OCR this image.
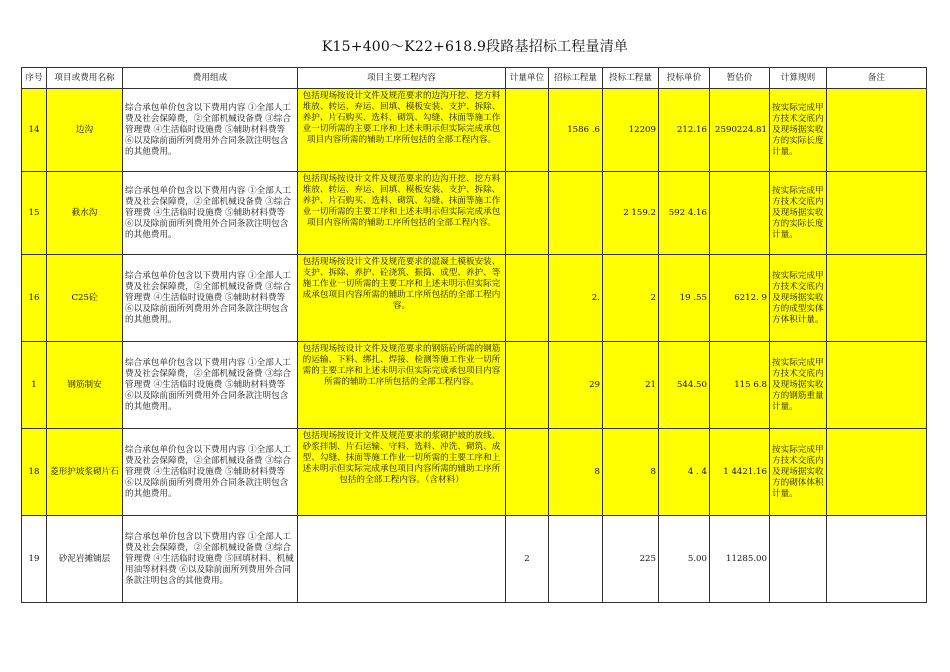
K15+400～K22+618.9段路基招标工程量清单
序号	项目或费用名称	费用组成	项目主要工程内容	计量单位	招标工程量	投标工程量	投标单价	暂估价	计算规则	备注
14	边沟	综合承包单价包含以下费用内容 ①全部人工费及社会保障费，②全部机械设备费 ③综合管理费 ④生活临时设施费 ⑤辅助材料费等 ⑥以及除前面所列费用外合同条款注明包含的其他费用。	包括现场按设计文件及规范要求的边沟开挖、挖方料堆放、转运、弃运、回填、模板安装、支护、拆除、养护、片石购买、选料、砌筑、勾缝、抹面等施工作业一切所需的主要工序和上述未明示但实际完成承包项目内容所需的辅助工序所包括的全部工程内容。		1586 .6	12209	212.16	2590224.81	按实际完成甲方技术交底内及现场据实收方的实际长度计量。	
15	截水沟	综合承包单价包含以下费用内容 ①全部人工费及社会保障费，②全部机械设备费 ③综合管理费 ④生活临时设施费 ⑤辅助材料费等 ⑥以及除前面所列费用外合同条款注明包含的其他费用。	包括现场按设计文件及规范要求的边沟开挖、挖方料堆放、转运、弃运、回填、模板安装、支护、拆除、养护、片石购买、选料、砌筑、勾缝、抹面等施工作业一切所需的主要工序和上述未明示但实际完成承包项目内容所需的辅助工序所包括的全部工程内容。			2 159.2	592 4.16		按实际完成甲方技术交底内及现场据实收方的实际长度计量。	
16	C25砼	综合承包单价包含以下费用内容 ①全部人工费及社会保障费，②全部机械设备费 ③综合管理费 ④生活临时设施费 ⑤辅助材料费等 ⑥以及除前面所列费用外合同条款注明包含的其他费用。	包括现场按设计文件及规范要求的混凝土模板安装、支护、拆除、养护、砼浇筑、振捣、成型、养护、等施工作业一切所需的主要工序和上述未明示但实际完成承包项目内容所需的辅助工序所包括的全部工程内容。		2.	2	19 .55	6212. 9	按实际完成甲方技术交底内及现场据实收方的成型实体方体积计量。	
1	钢筋制安	综合承包单价包含以下费用内容 ①全部人工费及社会保障费，②全部机械设备费 ③综合管理费 ④生活临时设施费 ⑤辅助材料费等 ⑥以及除前面所列费用外合同条款注明包含的其他费用。	包括现场按设计文件及规范要求的钢筋砼所需的钢筋的运输、下料、绑扎、焊接、检测等施工作业一切所需的主要工序和上述未明示但实际完成承包项目内容所需的辅助工序所包括的全部工程内容。		29	21	544.50	115 6.8	按实际完成甲方技术交底内及现场据实收方的钢筋重量计量。	
18	菱形护坡浆砌片石	综合承包单价包含以下费用内容 ①全部人工费及社会保障费，②全部机械设备费 ③综合管理费 ④生活临时设施费 ⑤辅助材料费等 ⑥以及除前面所列费用外合同条款注明包含的其他费用。	包括现场按设计文件及规范要求的浆砌护坡的放线、砂浆拌制、片石运输、守料、选料、冲洗、砌筑、成型、勾缝、抹面等施工作业一切所需的主要工序和上述未明示但实际完成承包项目内容所需的辅助工序所包括的全部工程内容。（含材料）		8	8	4 . 4	1 4421.16	按实际完成甲方技术交底内及现场据实收方的砌体体积计量。	
19	砂泥岩摊铺层	综合承包单价包含以下费用内容 ①全部人工费及社会保障费，②全部机械设备费 ③综合管理费 ④生活临时设施费 ⑤回填材料、机械用油等材料费 ⑥以及除前面所列费用外合同条款注明包含的其他费用。		2		225	5.00	11285.00		
